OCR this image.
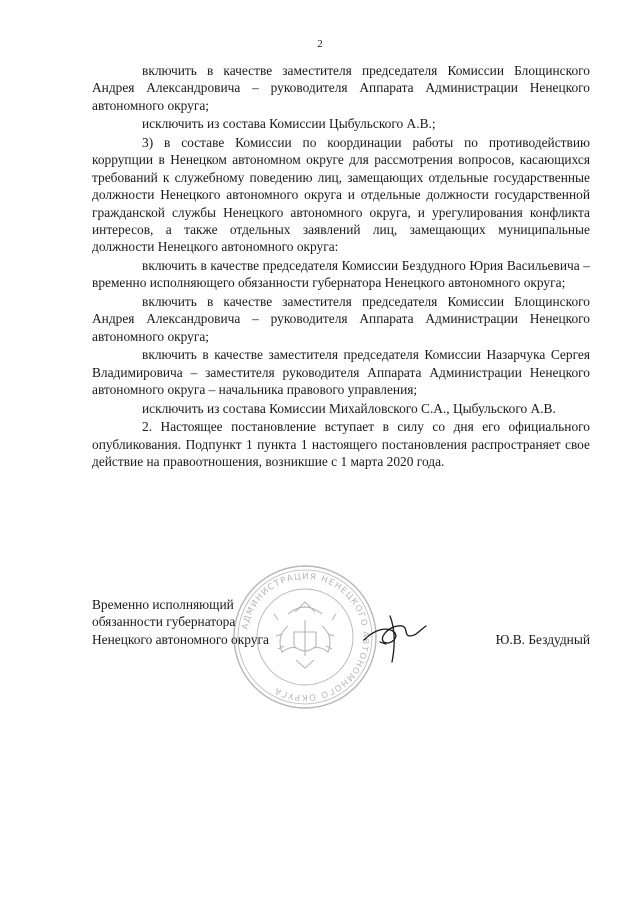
2

включить в качестве заместителя председателя Комиссии Блощинского Андрея Александровича – руководителя Аппарата Администрации Ненецкого автономного округа;

исключить из состава Комиссии Цыбульского А.В.;

3) в составе Комиссии по координации работы по противодействию коррупции в Ненецком автономном округе для рассмотрения вопросов, касающихся требований к служебному поведению лиц, замещающих отдельные государственные должности Ненецкого автономного округа и отдельные должности государственной гражданской службы Ненецкого автономного округа, и урегулирования конфликта интересов, а также отдельных заявлений лиц, замещающих муниципальные должности Ненецкого автономного округа:

включить в качестве председателя Комиссии Бездудного Юрия Васильевича – временно исполняющего обязанности губернатора Ненецкого автономного округа;

включить в качестве заместителя председателя Комиссии Блощинского Андрея Александровича – руководителя Аппарата Администрации Ненецкого автономного округа;

включить в качестве заместителя председателя Комиссии Назарчука Сергея Владимировича – заместителя руководителя Аппарата Администрации Ненецкого автономного округа – начальника правового управления;

исключить из состава Комиссии Михайловского С.А., Цыбульского А.В.

2. Настоящее постановление вступает в силу со дня его официального опубликования. Подпункт 1 пункта 1 настоящего постановления распространяет свое действие на правоотношения, возникшие с 1 марта 2020 года.

Временно исполняющий
обязанности губернатора
Ненецкого автономного округа
АДМИНИСТРАЦИЯ НЕНЕЦКОГО АВТОНОМНОГО ОКРУГА
Ю.В. Бездудный
